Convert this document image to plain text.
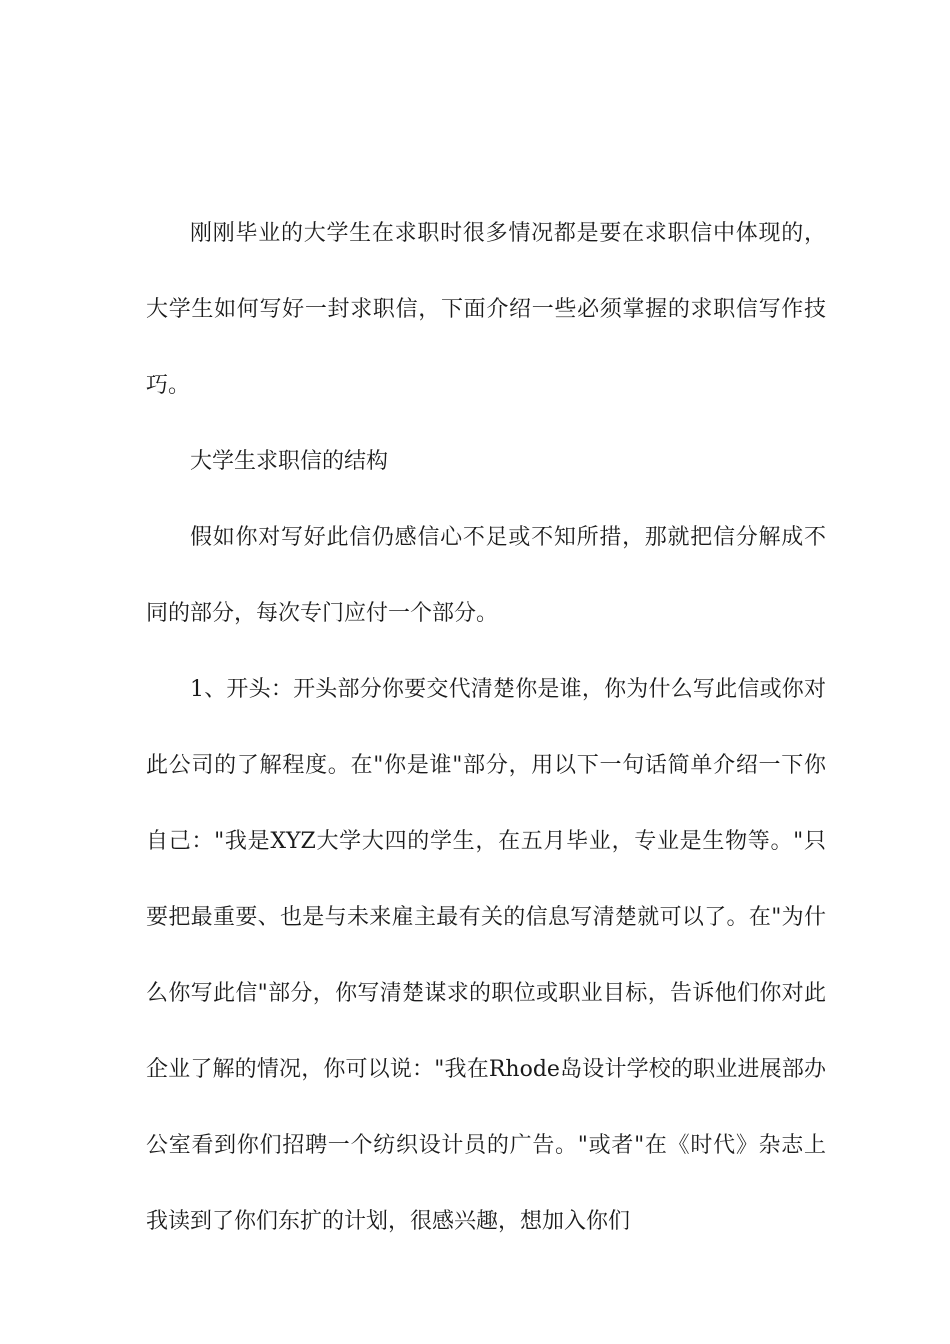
刚刚毕业的大学生在求职时很多情况都是要在求职信中体现的，大学生如何写好一封求职信，下面介绍一些必须掌握的求职信写作技巧。

大学生求职信的结构

假如你对写好此信仍感信心不足或不知所措，那就把信分解成不同的部分，每次专门应付一个部分。

1、开头：开头部分你要交代清楚你是谁，你为什么写此信或你对此公司的了解程度。在"你是谁"部分，用以下一句话简单介绍一下你自己："我是XYZ大学大四的学生，在五月毕业，专业是生物等。"只要把最重要、也是与未来雇主最有关的信息写清楚就可以了。在"为什么你写此信"部分，你写清楚谋求的职位或职业目标，告诉他们你对此企业了解的情况，你可以说："我在Rhode岛设计学校的职业进展部办公室看到你们招聘一个纺织设计员的广告。"或者"在《时代》杂志上我读到了你们东扩的计划，很感兴趣，想加入你们
